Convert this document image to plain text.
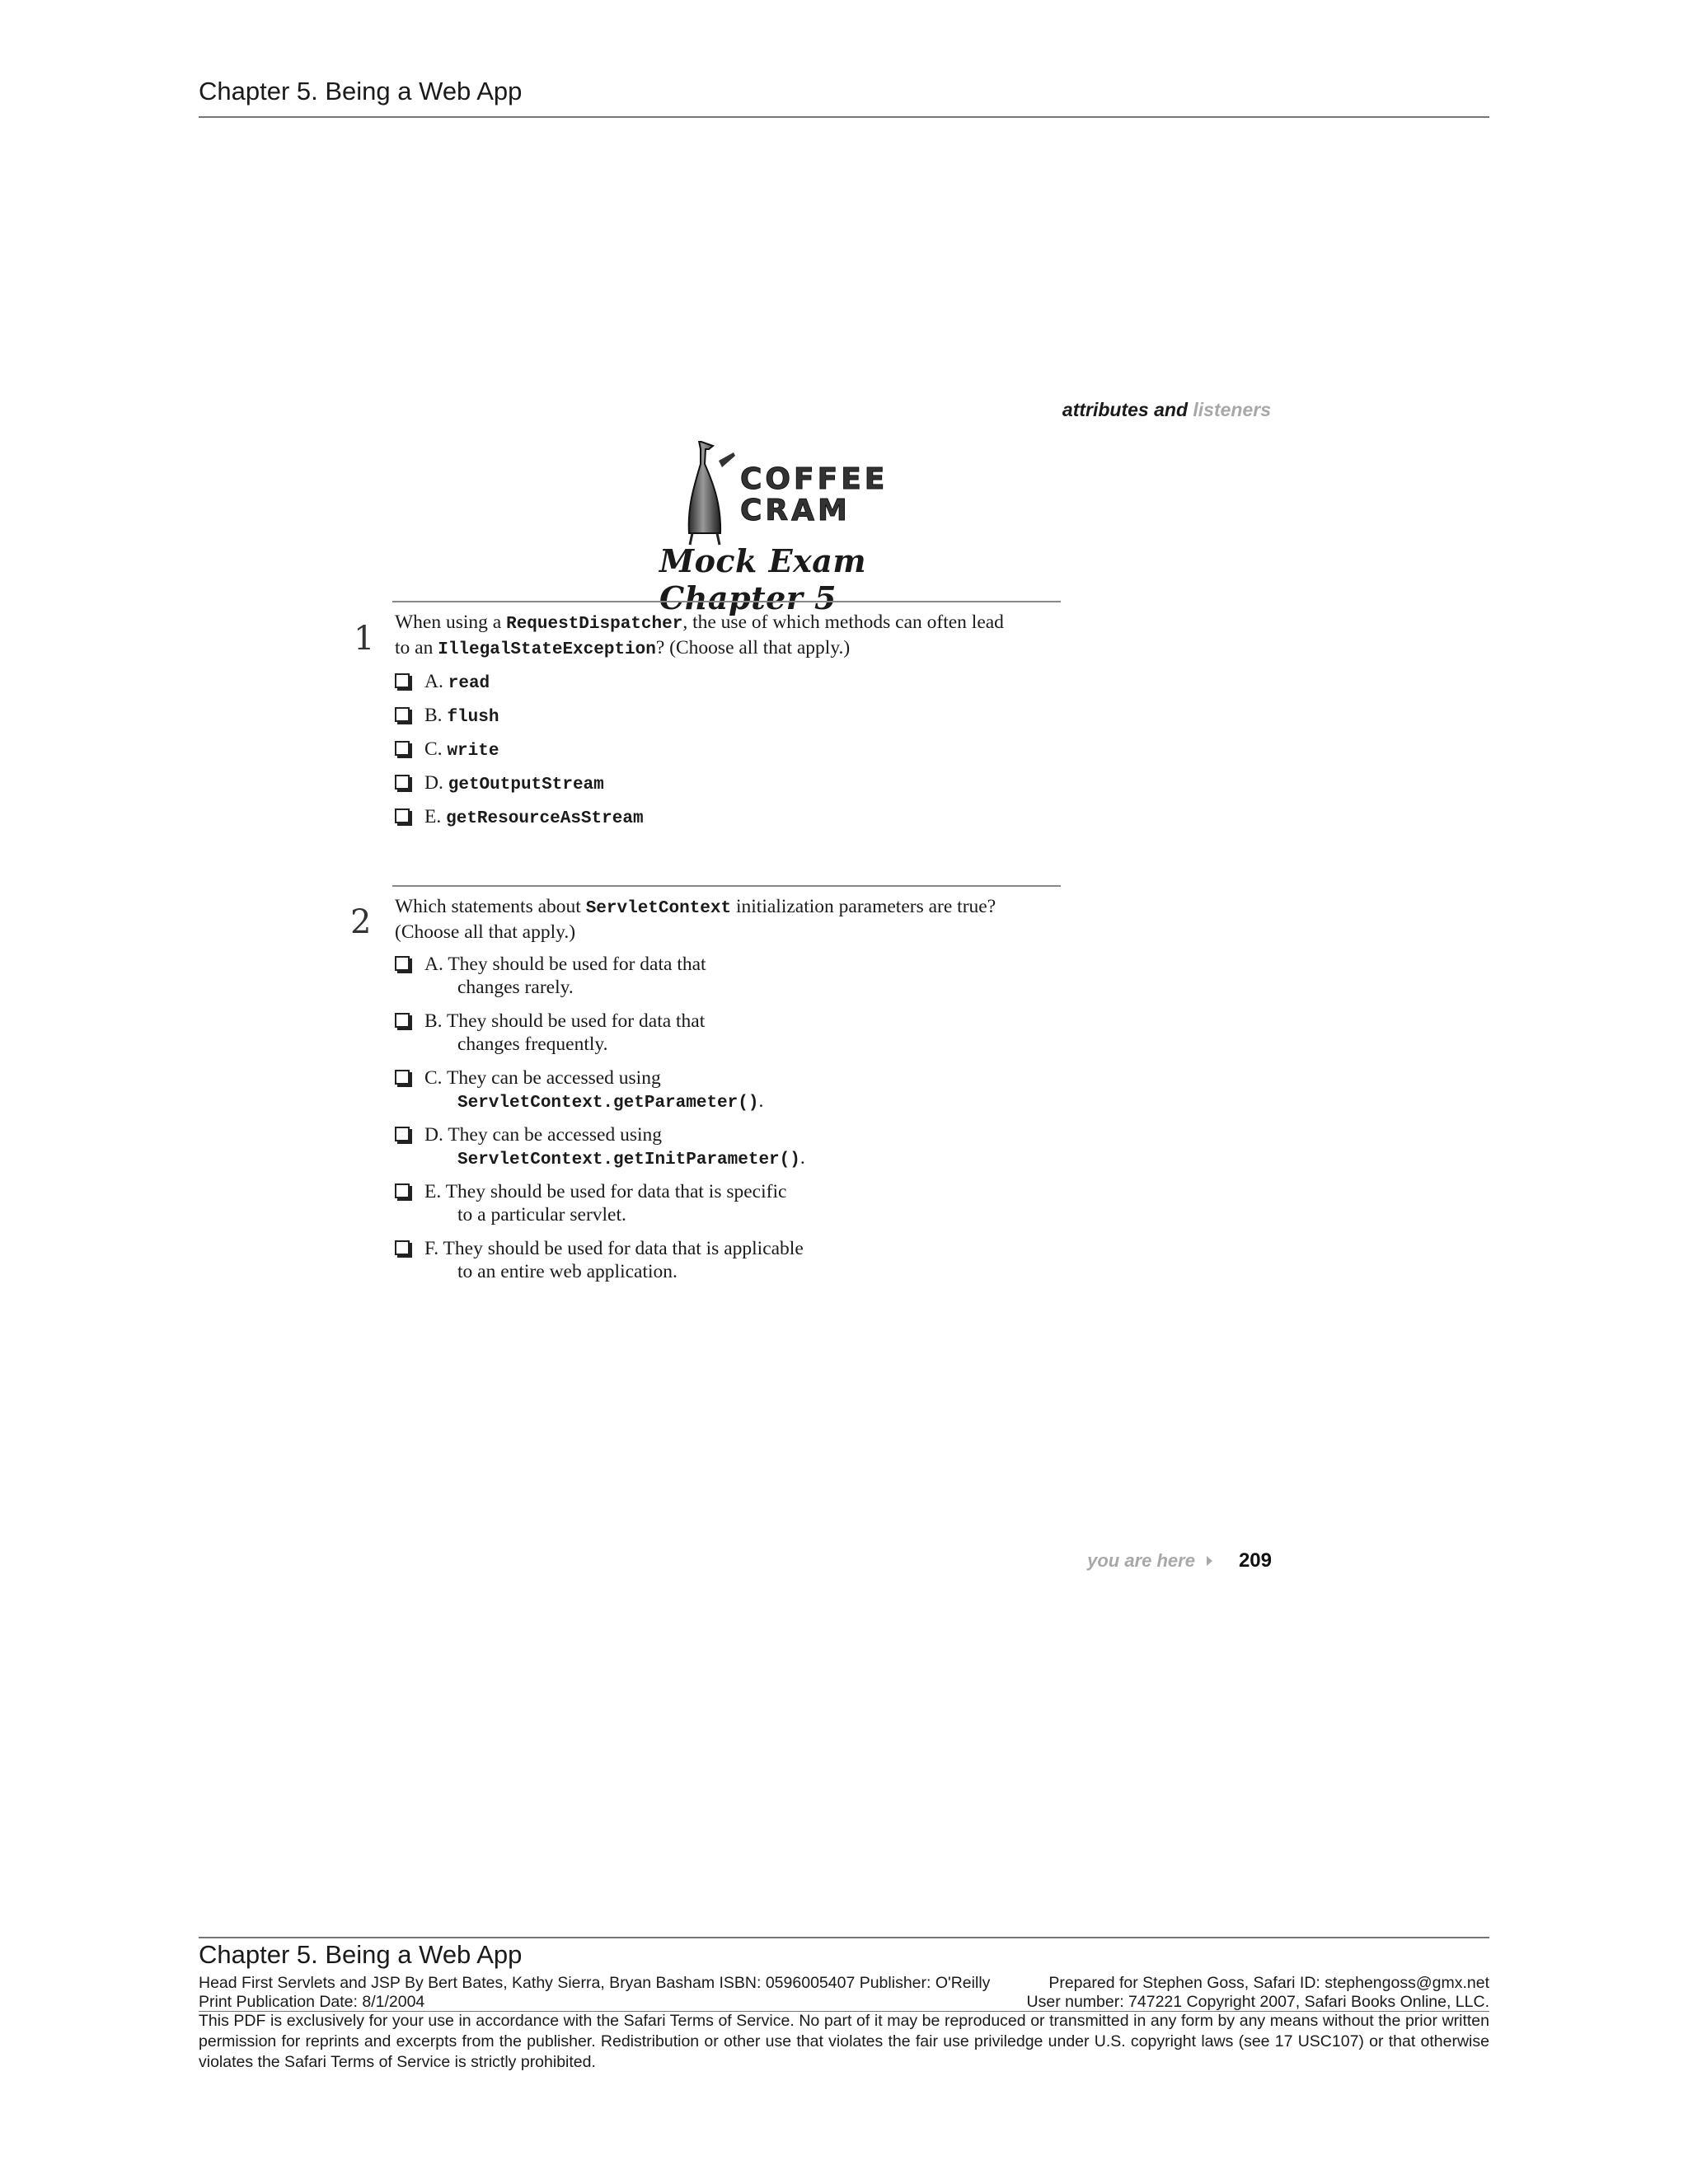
Chapter 5. Being a Web App
attributes and listeners
COFFEE
CRAM
Mock Exam Chapter 5
1 When using a RequestDispatcher, the use of which methods can often lead
to an IllegalStateException? (Choose all that apply.)
A. read
B. flush
C. write
D. getOutputStream
E. getResourceAsStream
2 Which statements about ServletContext initialization parameters are true?
(Choose all that apply.)
A. They should be used for data that
changes rarely.
B. They should be used for data that
changes frequently.
C. They can be accessed using
ServletContext.getParameter().
D. They can be accessed using
ServletContext.getInitParameter().
E. They should be used for data that is specific
to a particular servlet.
F. They should be used for data that is applicable
to an entire web application.
you are here 209
Chapter 5. Being a Web App
Head First Servlets and JSP By Bert Bates, Kathy Sierra, Bryan Basham ISBN: 0596005407 Publisher: O'Reilly	Prepared for Stephen Goss, Safari ID: stephengoss@gmx.net
Print Publication Date: 8/1/2004	User number: 747221 Copyright 2007, Safari Books Online, LLC.
This PDF is exclusively for your use in accordance with the Safari Terms of Service. No part of it may be reproduced or transmitted in any form by any means without the prior written permission for reprints and excerpts from the publisher. Redistribution or other use that violates the fair use priviledge under U.S. copyright laws (see 17 USC107) or that otherwise violates the Safari Terms of Service is strictly prohibited.
